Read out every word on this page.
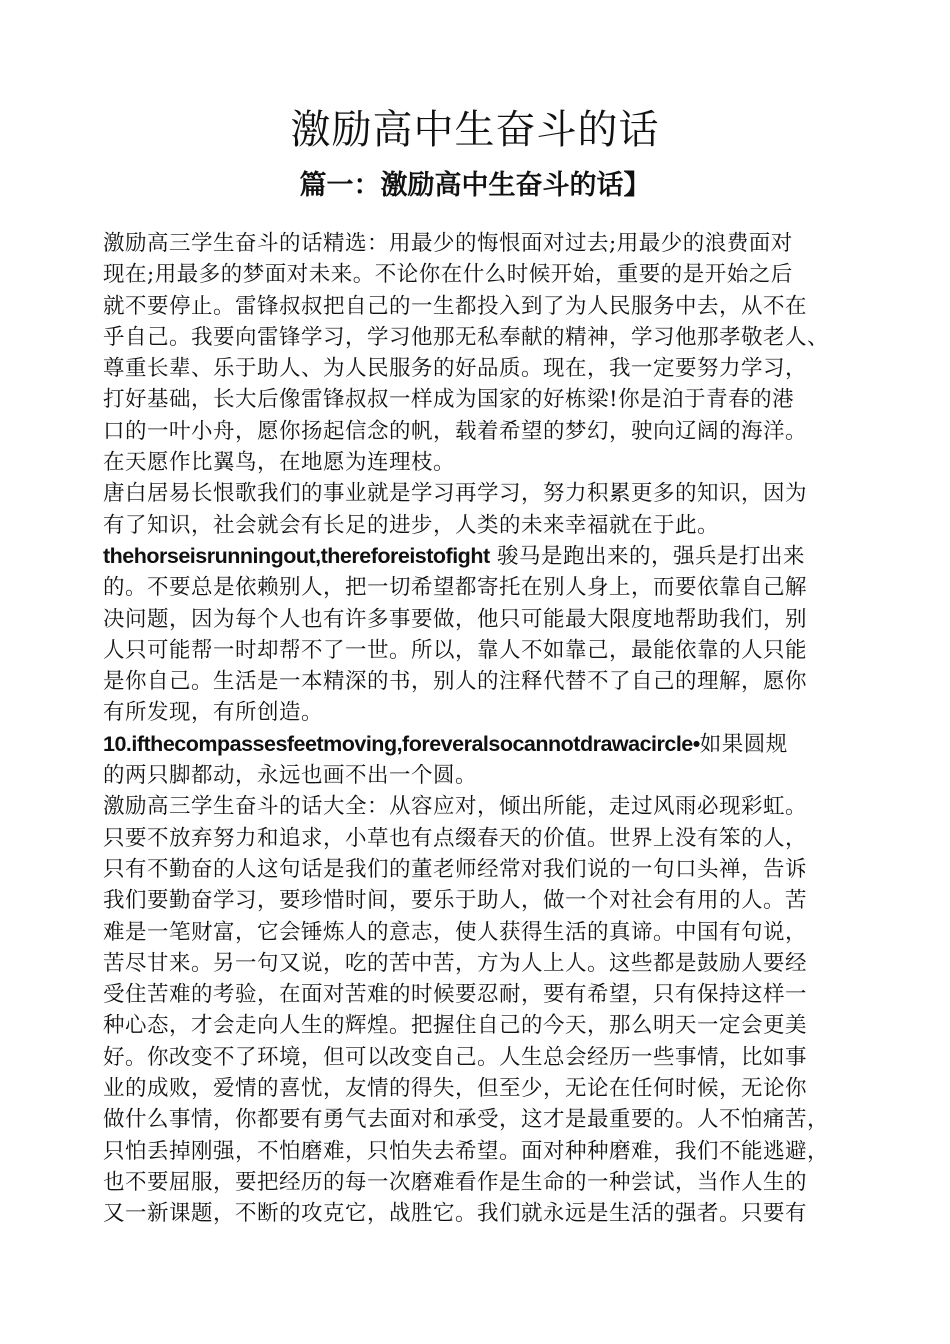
激励高中生奋斗的话
篇一：激励高中生奋斗的话】
激励高三学生奋斗的话精选：用最少的悔恨面对过去;用最少的浪费面对
现在;用最多的梦面对未来。不论你在什么时候开始，重要的是开始之后
就不要停止。雷锋叔叔把自己的一生都投入到了为人民服务中去，从不在
乎自己。我要向雷锋学习，学习他那无私奉献的精神，学习他那孝敬老人、
尊重长辈、乐于助人、为人民服务的好品质。现在，我一定要努力学习，
打好基础，长大后像雷锋叔叔一样成为国家的好栋梁!你是泊于青春的港
口的一叶小舟，愿你扬起信念的帆，载着希望的梦幻，驶向辽阔的海洋。
在天愿作比翼鸟，在地愿为连理枝。
唐白居易长恨歌我们的事业就是学习再学习，努力积累更多的知识，因为
有了知识，社会就会有长足的进步，人类的未来幸福就在于此。
thehorseisrunningout,thereforeistofight 骏马是跑出来的，强兵是打出来
的。不要总是依赖别人，把一切希望都寄托在别人身上，而要依靠自己解
决问题，因为每个人也有许多事要做，他只可能最大限度地帮助我们，别
人只可能帮一时却帮不了一世。所以，靠人不如靠己，最能依靠的人只能
是你自己。生活是一本精深的书，别人的注释代替不了自己的理解，愿你
有所发现，有所创造。
10.ifthecompassesfeetmoving,foreveralsocannotdrawacircle•如果圆规
的两只脚都动，永远也画不出一个圆。
激励高三学生奋斗的话大全：从容应对，倾出所能，走过风雨必现彩虹。
只要不放弃努力和追求，小草也有点缀春天的价值。世界上没有笨的人，
只有不勤奋的人这句话是我们的董老师经常对我们说的一句口头禅，告诉
我们要勤奋学习，要珍惜时间，要乐于助人，做一个对社会有用的人。苦
难是一笔财富，它会锤炼人的意志，使人获得生活的真谛。中国有句说，
苦尽甘来。另一句又说，吃的苦中苦，方为人上人。这些都是鼓励人要经
受住苦难的考验，在面对苦难的时候要忍耐，要有希望，只有保持这样一
种心态，才会走向人生的辉煌。把握住自己的今天，那么明天一定会更美
好。你改变不了环境，但可以改变自己。人生总会经历一些事情，比如事
业的成败，爱情的喜忧，友情的得失，但至少，无论在任何时候，无论你
做什么事情，你都要有勇气去面对和承受，这才是最重要的。人不怕痛苦，
只怕丢掉刚强，不怕磨难，只怕失去希望。面对种种磨难，我们不能逃避，
也不要屈服，要把经历的每一次磨难看作是生命的一种尝试，当作人生的
又一新课题，不断的攻克它，战胜它。我们就永远是生活的强者。只要有
